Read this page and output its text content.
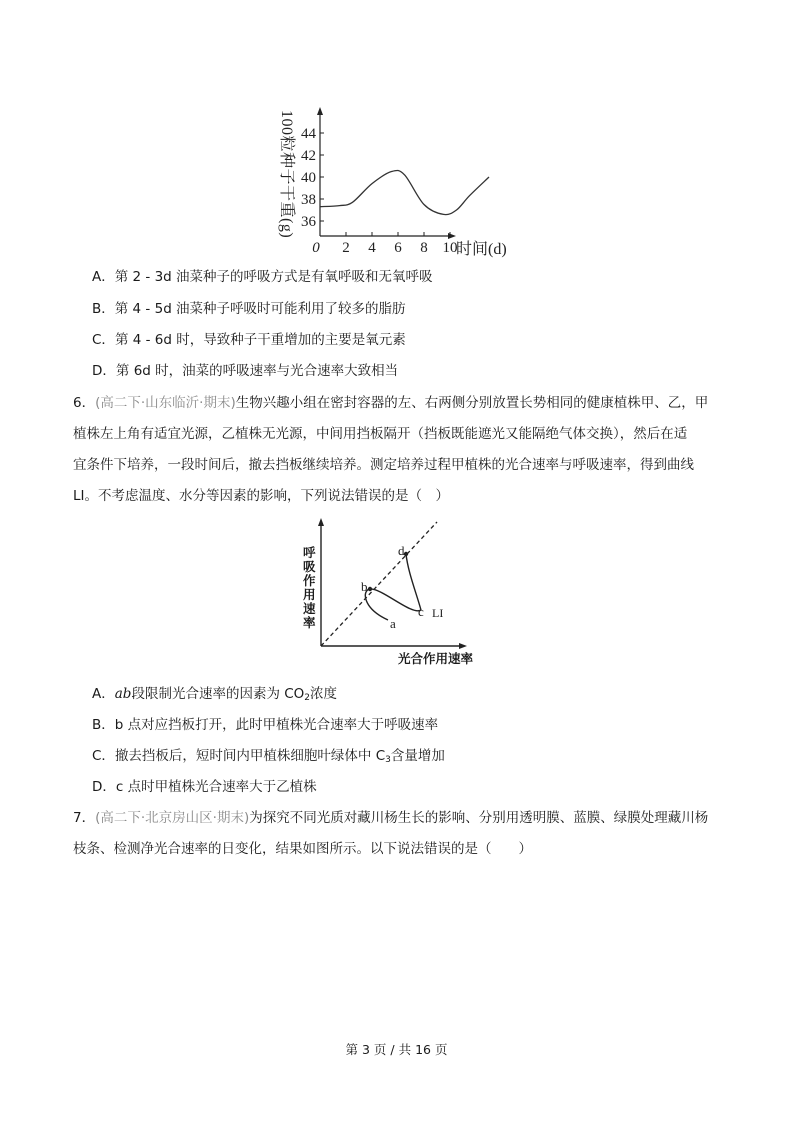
44
42
40
38
36
0 2 4 6 8 10
100粒种子干重(g)
时间(d)
A．第 2 - 3d 油菜种子的呼吸方式是有氧呼吸和无氧呼吸
B．第 4 - 5d 油菜种子呼吸时可能利用了较多的脂肪
C．第 4 - 6d 时，导致种子干重增加的主要是氧元素
D．第 6d 时，油菜的呼吸速率与光合速率大致相当
6．(高二下·山东临沂·期末)生物兴趣小组在密封容器的左、右两侧分别放置长势相同的健康植株甲、乙，甲
植株左上角有适宜光源，乙植株无光源，中间用挡板隔开（挡板既能遮光又能隔绝气体交换），然后在适
宜条件下培养，一段时间后，撤去挡板继续培养。测定培养过程甲植株的光合速率与呼吸速率，得到曲线
LⅠ。不考虑温度、水分等因素的影响，下列说法错误的是（　）
a
b
c
d
LI
呼吸作用速率
光合作用速率
A．ab段限制光合速率的因素为 $CO_2$浓度
B．b 点对应挡板打开，此时甲植株光合速率大于呼吸速率
C．撤去挡板后，短时间内甲植株细胞叶绿体中 $C_3$含量增加
D．c 点时甲植株光合速率大于乙植株
7．(高二下·北京房山区·期末)为探究不同光质对藏川杨生长的影响、分别用透明膜、蓝膜、绿膜处理藏川杨
枝条、检测净光合速率的日变化，结果如图所示。以下说法错误的是（　　）
第 3 页 / 共 16 页
